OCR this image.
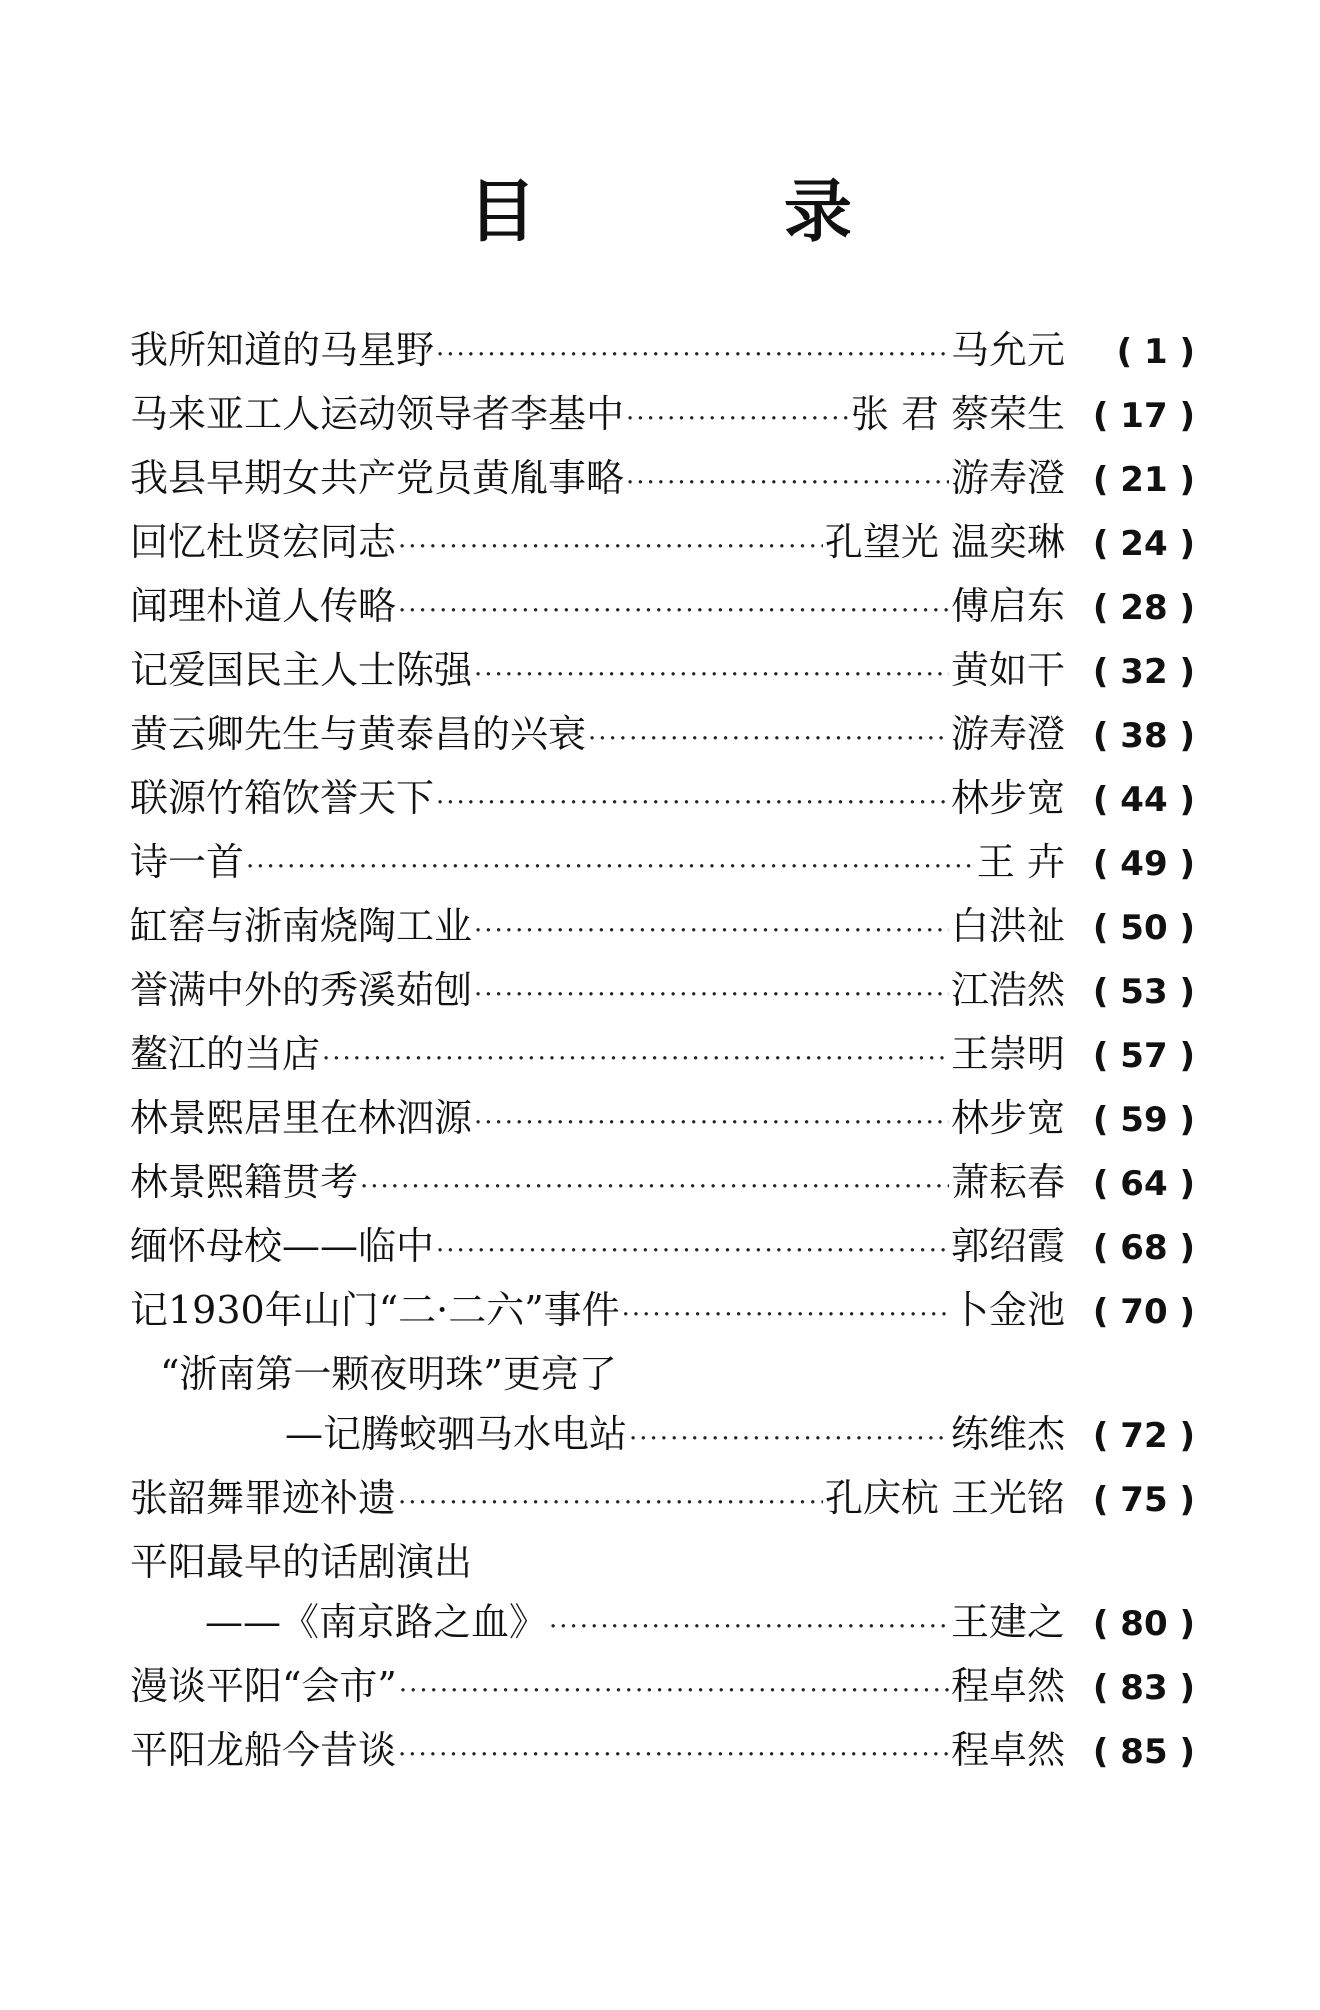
目 录
我所知道的马星野 ·····	马允元	( 1 )
马来亚工人运动领导者李基中 ·····	张 君 蔡荣生 ( 17 )
我县早期女共产党员黄胤事略 ·····	游寿澄 ( 21 )
回忆杜贤宏同志 ·····	孔望光 温奕琳 ( 24 )
闻理朴道人传略 ·····	傅启东 ( 28 )
记爱国民主人士陈强 ·····	黄如干 ( 32 )
黄云卿先生与黄泰昌的兴衰 ·····	游寿澄 ( 38 )
联源竹箱饮誉天下 ·····	林步宽 ( 44 )
诗一首 ·····	王 卉 ( 49 )
缸窑与浙南烧陶工业 ·····	白洪祉 ( 50 )
誉满中外的秀溪茹刨 ·····	江浩然 ( 53 )
鳌江的当店 ·····	王崇明 ( 57 )
林景熙居里在林泗源 ·····	林步宽 ( 59 )
林景熙籍贯考 ·····	萧耘春 ( 64 )
缅怀母校——临中 ·····	郭绍霞 ( 68 )
记1930年山门“二·二六”事件 ·····	卜金池 ( 70 )
“浙南第一颗夜明珠”更亮了
—记腾蛟驷马水电站 ·····	练维杰 ( 72 )
张韶舞罪迹补遗 ·····	孔庆杭 王光铭 ( 75 )
平阳最早的话剧演出
——《南京路之血》 ·····	王建之 ( 80 )
漫谈平阳“会市” ·····	程卓然 ( 83 )
平阳龙船今昔谈 ·····	程卓然 ( 85 )
